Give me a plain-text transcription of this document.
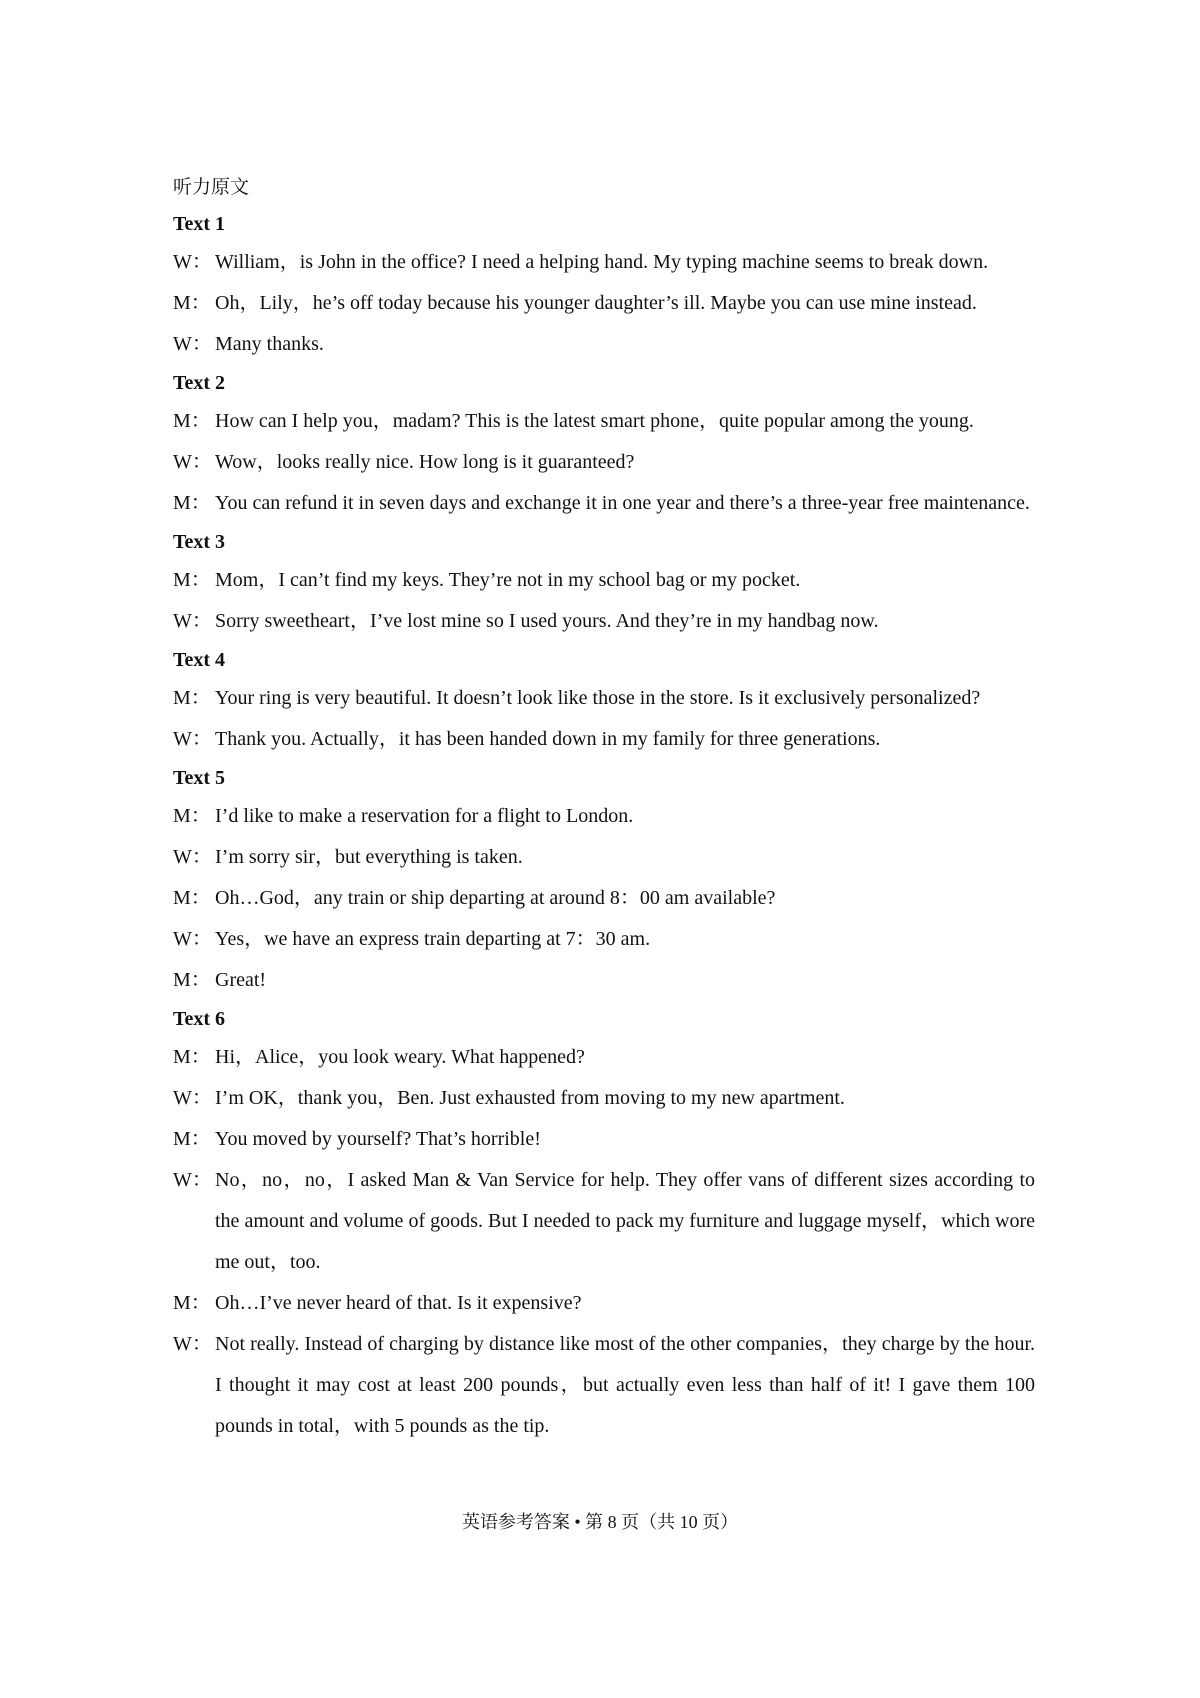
听力原文
Text 1
W： William，is John in the office? I need a helping hand. My typing machine seems to break down.
M： Oh，Lily，he’s off today because his younger daughter’s ill. Maybe you can use mine instead.
W： Many thanks.
Text 2
M： How can I help you，madam? This is the latest smart phone，quite popular among the young.
W： Wow，looks really nice. How long is it guaranteed?
M： You can refund it in seven days and exchange it in one year and there’s a three-year free maintenance.
Text 3
M： Mom，I can’t find my keys. They’re not in my school bag or my pocket.
W： Sorry sweetheart，I’ve lost mine so I used yours. And they’re in my handbag now.
Text 4
M： Your ring is very beautiful. It doesn’t look like those in the store. Is it exclusively personalized?
W： Thank you. Actually，it has been handed down in my family for three generations.
Text 5
M： I’d like to make a reservation for a flight to London.
W： I’m sorry sir，but everything is taken.
M： Oh…God，any train or ship departing at around 8：00 am available?
W： Yes，we have an express train departing at 7：30 am.
M： Great!
Text 6
M： Hi，Alice，you look weary. What happened?
W： I’m OK，thank you，Ben. Just exhausted from moving to my new apartment.
M： You moved by yourself? That’s horrible!
W： No，no，no，I asked Man & Van Service for help. They offer vans of different sizes according to the amount and volume of goods. But I needed to pack my furniture and luggage myself，which wore me out，too.
M： Oh…I’ve never heard of that. Is it expensive?
W： Not really. Instead of charging by distance like most of the other companies，they charge by the hour. I thought it may cost at least 200 pounds，but actually even less than half of it! I gave them 100 pounds in total，with 5 pounds as the tip.
英语参考答案 • 第 8 页（共 10 页）
